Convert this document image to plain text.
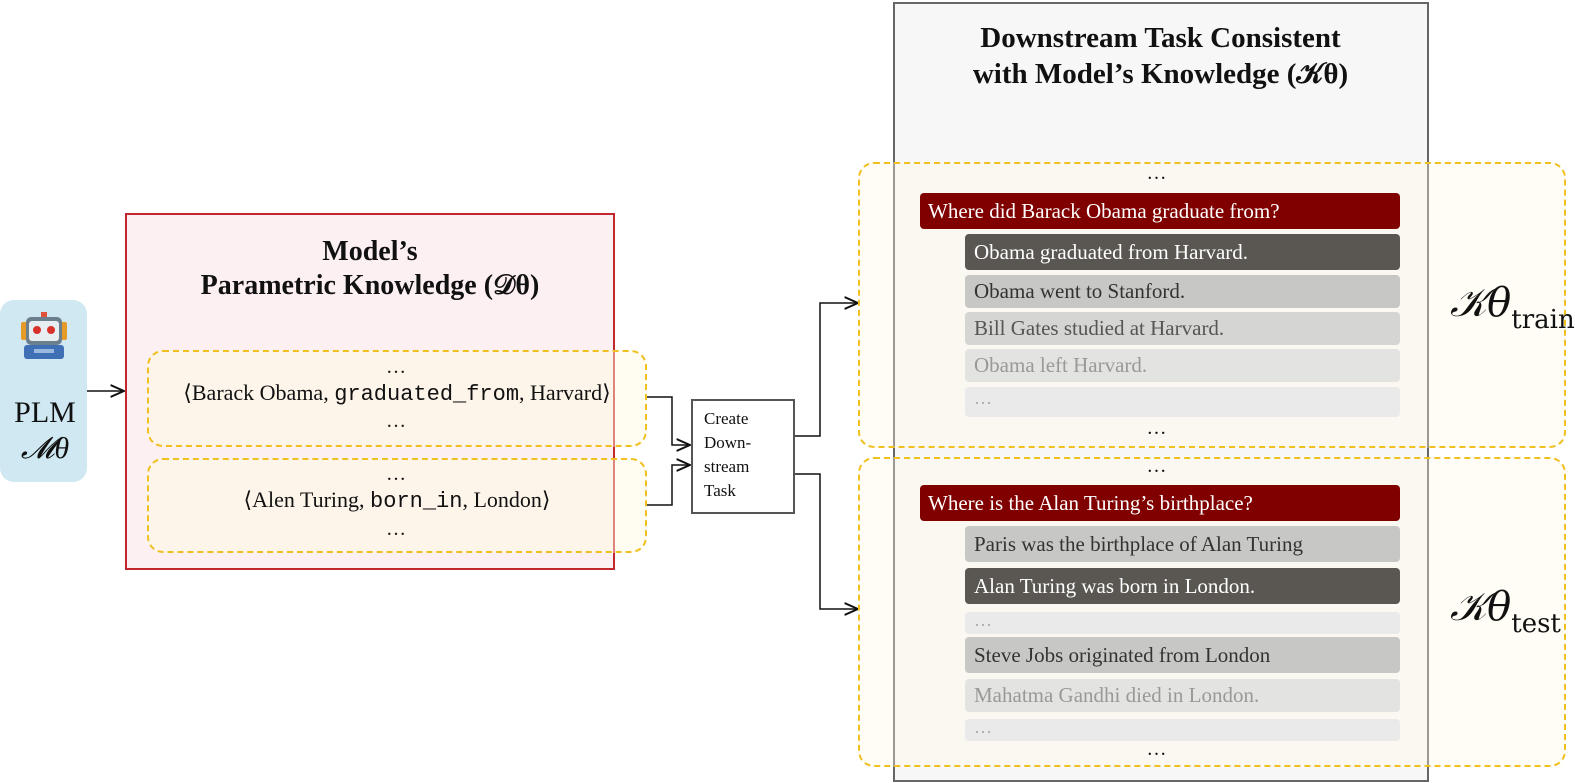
PLM
𝓜θ
Model’s
Parametric Knowledge (𝒟θ)
…
⟨Barack Obama, graduated_from, Harvard⟩
…
…
⟨Alen Turing, born_in, London⟩
…
Create
Down-
stream
Task
Downstream Task Consistent
with Model’s Knowledge (𝒦θ)
…
Where did Barack Obama graduate from?
Obama graduated from Harvard.
Obama went to Stanford.
Bill Gates studied at Harvard.
Obama left Harvard.
…
…
𝒦θ$_{train}$
…
Where is the Alan Turing’s birthplace?
Paris was the birthplace of Alan Turing
Alan Turing was born in London.
…
Steve Jobs originated from London
Mahatma Gandhi died in London.
…
…
𝒦θ$_{test}$
